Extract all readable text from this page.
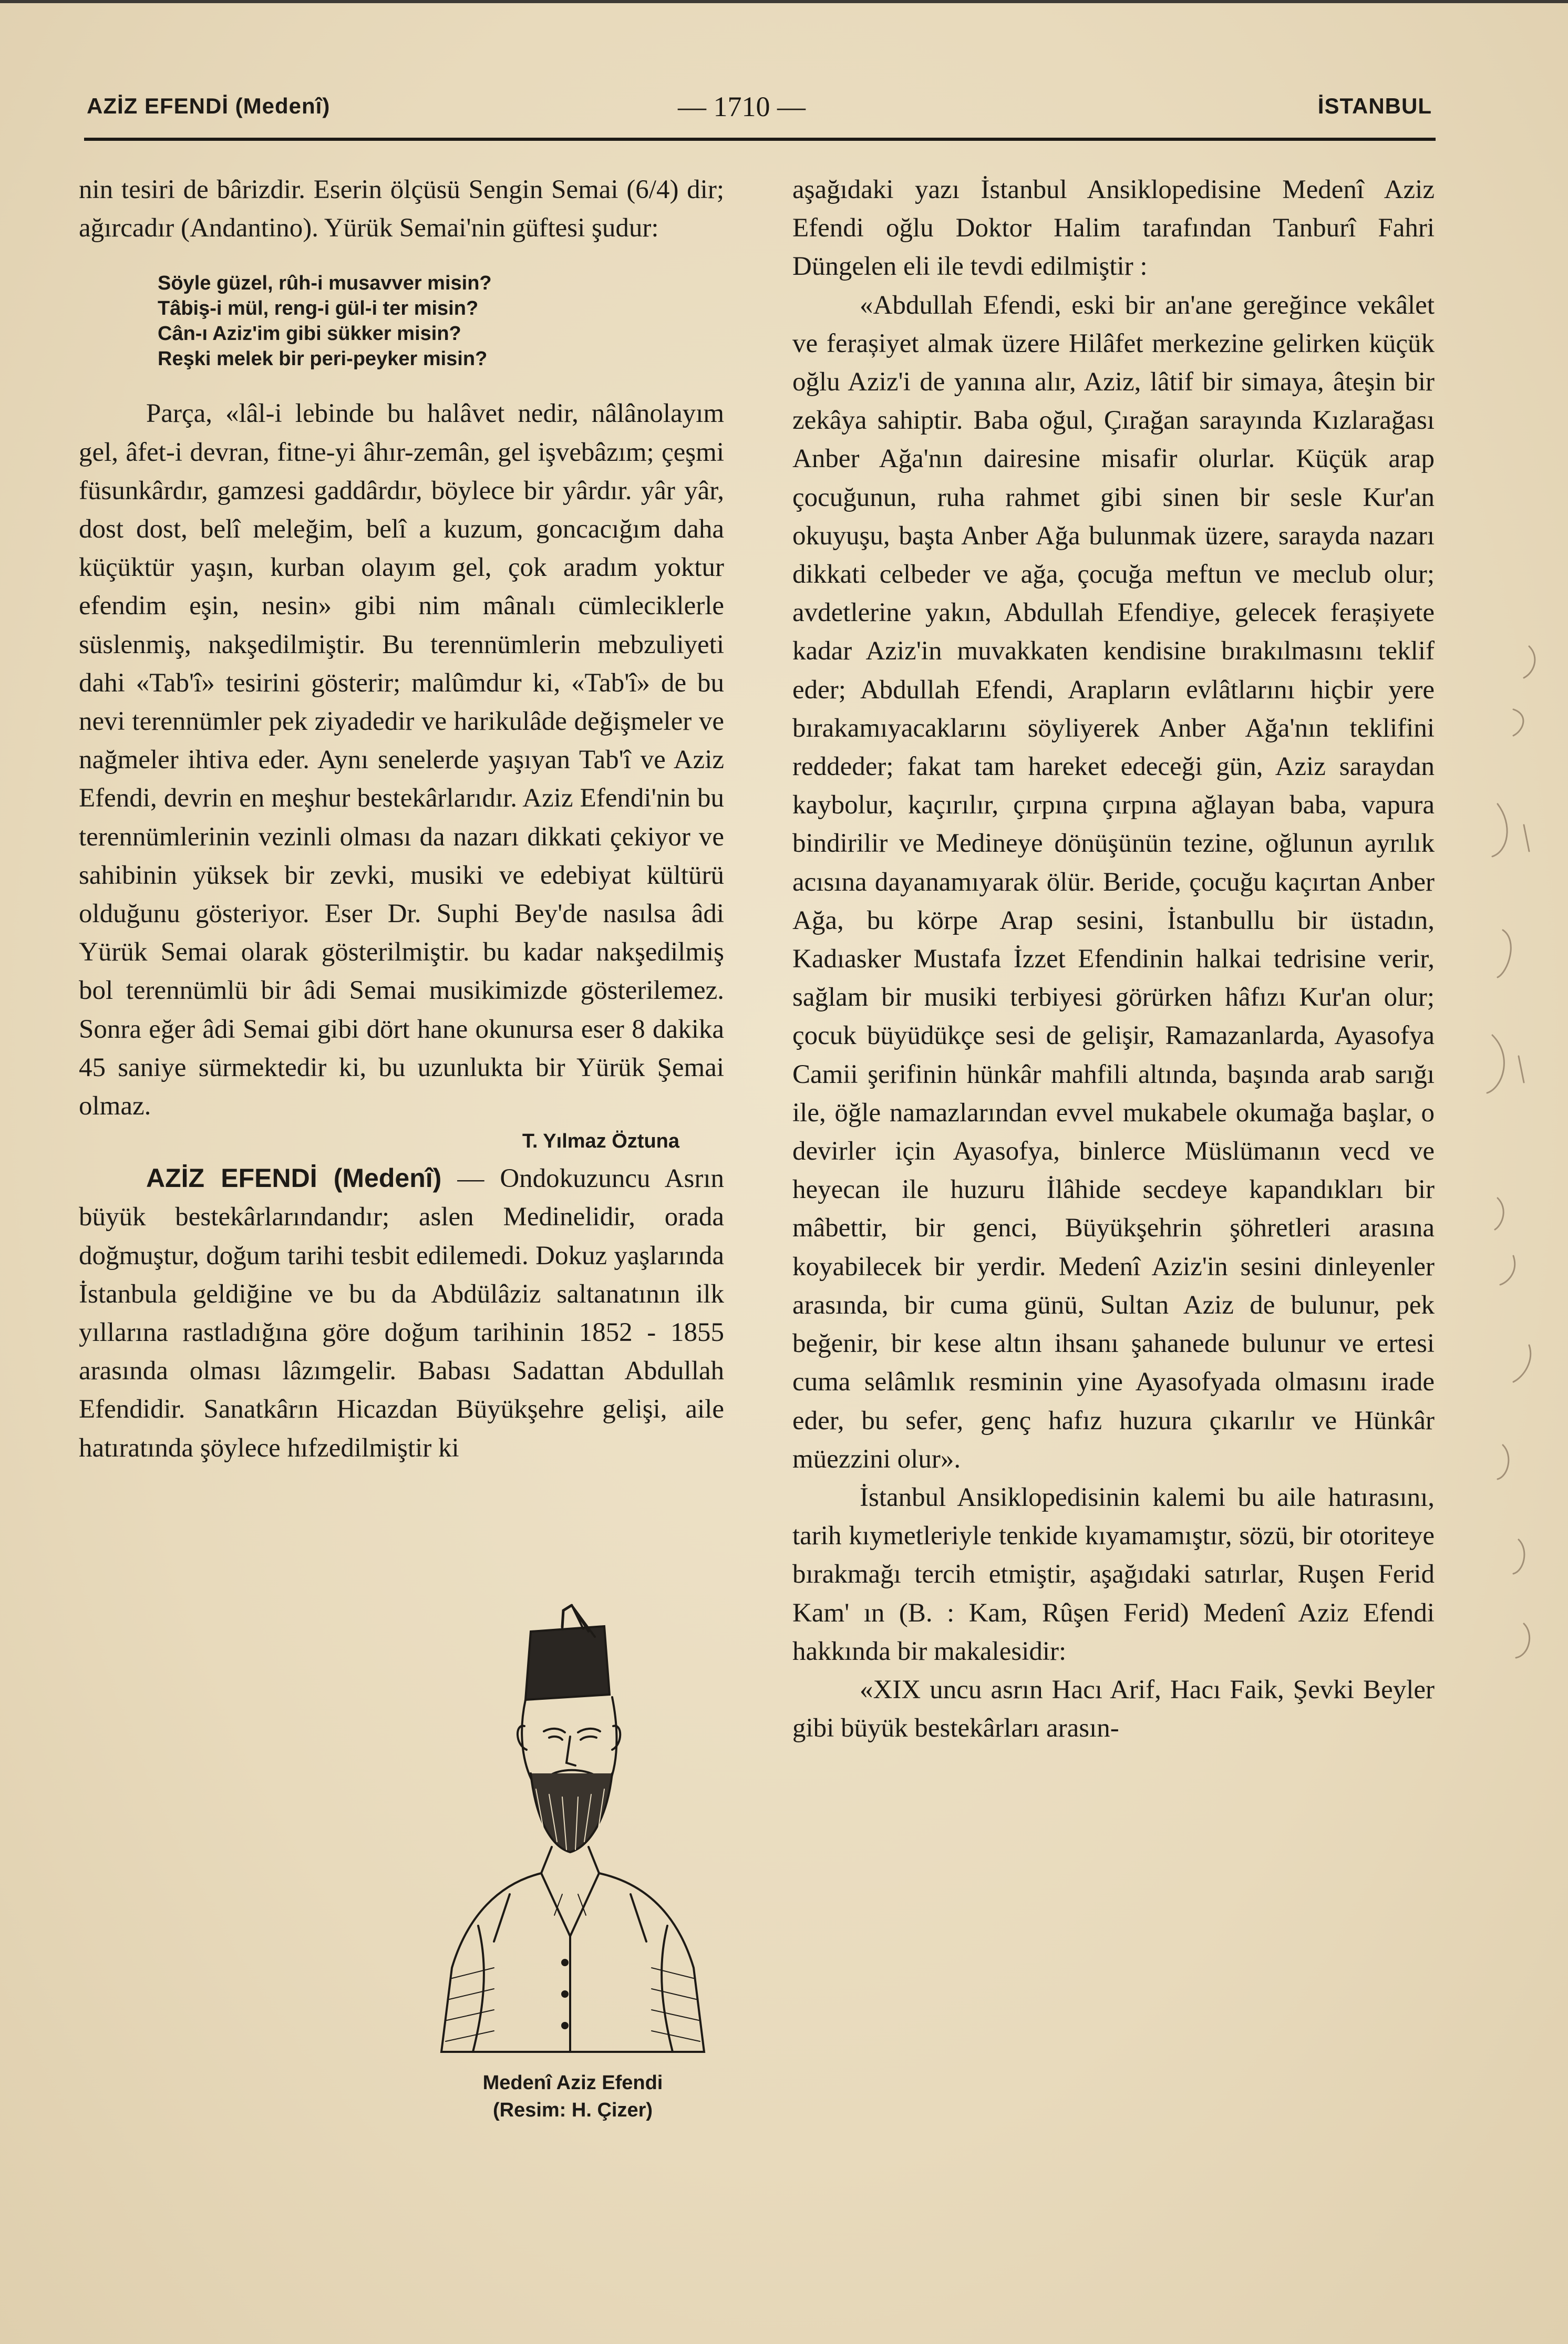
AZİZ EFENDİ (Medenî)	— 1710 —	İSTANBUL

nin tesiri de bârizdir. Eserin ölçüsü Sengin Semai (6/4) dir; ağırcadır (Andantino). Yürük Semai'nin güftesi şudur:

Söyle güzel, rûh-i musavver misin?
Tâbiş-i mül, reng-i gül-i ter misin?
Cân-ı Aziz'im gibi sükker misin?
Reşki melek bir peri-peyker misin?

Parça, «lâl-i lebinde bu halâvet nedir, nâlânolayım gel, âfet-i devran, fitne-yi âhır-zemân, gel işvebâzım; çeşmi füsunkârdır, gamzesi gaddârdır, böylece bir yârdır. yâr yâr, dost dost, belî meleğim, belî a kuzum, goncacığım daha küçüktür yaşın, kurban olayım gel, çok aradım yoktur efendim eşin, nesin» gibi nim mânalı cümleciklerle süslenmiş, nakşedilmiştir. Bu terennümlerin mebzuliyeti dahi «Tab'î» tesirini gösterir; malûmdur ki, «Tab'î» de bu nevi terennümler pek ziyadedir ve harikulâde değişmeler ve nağmeler ihtiva eder. Aynı senelerde yaşıyan Tab'î ve Aziz Efendi, devrin en meşhur bestekârlarıdır. Aziz Efendi'nin bu terennümlerinin vezinli olması da nazarı dikkati çekiyor ve sahibinin yüksek bir zevki, musiki ve edebiyat kültürü olduğunu gösteriyor. Eser Dr. Suphi Bey'de nasılsa âdi Yürük Semai olarak gösterilmiştir. bu kadar nakşedilmiş bol terennümlü bir âdi Semai musikimizde gösterilemez. Sonra eğer âdi Semai gibi dört hane okunursa eser 8 dakika 45 saniye sürmektedir ki, bu uzunlukta bir Yürük Şemai olmaz.

T. Yılmaz Öztuna

AZİZ EFENDİ (Medenî) — Ondokuzuncu Asrın büyük bestekârlarındandır; aslen Medinelidir, orada doğmuştur, doğum tarihi tesbit edilemedi. Dokuz yaşlarında İstanbula geldiğine ve bu da Abdülâziz saltanatının ilk yıllarına rastladığına göre doğum tarihinin 1852 - 1855 arasında olması lâzımgelir. Babası Sadattan Abdullah Efendidir. Sanatkârın Hicazdan Büyükşehre gelişi, aile hatıratında şöylece hıfzedilmiştir ki

Medenî Aziz Efendi
(Resim: H. Çizer)

aşağıdaki yazı İstanbul Ansiklopedisine Medenî Aziz Efendi oğlu Doktor Halim tarafından Tanburî Fahri Düngelen eli ile tevdi edilmiştir :

«Abdullah Efendi, eski bir an'ane gereğince vekâlet ve ferașiyet almak üzere Hilâfet merkezine gelirken küçük oğlu Aziz'i de yanına alır, Aziz, lâtif bir simaya, âteşin bir zekâya sahiptir. Baba oğul, Çırağan sarayında Kızlarağası Anber Ağa'nın dairesine misafir olurlar. Küçük arap çocuğunun, ruha rahmet gibi sinen bir sesle Kur'an okuyuşu, başta Anber Ağa bulunmak üzere, sarayda nazarı dikkati celbeder ve ağa, çocuğa meftun ve meclub olur; avdetlerine yakın, Abdullah Efendiye, gelecek ferașiyete kadar Aziz'in muvakkaten kendisine bırakılmasını teklif eder; Abdullah Efendi, Arapların evlâtlarını hiçbir yere bırakamıyacaklarını söyliyerek Anber Ağa'nın teklifini reddeder; fakat tam hareket edeceği gün, Aziz saraydan kaybolur, kaçırılır, çırpına çırpına ağlayan baba, vapura bindirilir ve Medineye dönüşünün tezine, oğlunun ayrılık acısına dayanamıyarak ölür. Beride, çocuğu kaçırtan Anber Ağa, bu körpe Arap sesini, İstanbullu bir üstadın, Kadıasker Mustafa İzzet Efendinin halkai tedrisine verir, sağlam bir musiki terbiyesi görürken hâfızı Kur'an olur; çocuk büyüdükçe sesi de gelişir, Ramazanlarda, Ayasofya Camii şerifinin hünkâr mahfili altında, başında arab sarığı ile, öğle namazlarından evvel mukabele okumağa başlar, o devirler için Ayasofya, binlerce Müslümanın vecd ve heyecan ile huzuru İlâhide secdeye kapandıkları bir mâbettir, bir genci, Büyükşehrin şöhretleri arasına koyabilecek bir yerdir. Medenî Aziz'in sesini dinleyenler arasında, bir cuma günü, Sultan Aziz de bulunur, pek beğenir, bir kese altın ihsanı şahanede bulunur ve ertesi cuma selâmlık resminin yine Ayasofyada olmasını irade eder, bu sefer, genç hafız huzura çıkarılır ve Hünkâr müezzini olur».

İstanbul Ansiklopedisinin kalemi bu aile hatırasını, tarih kıymetleriyle tenkide kıyamamıştır, sözü, bir otoriteye bırakmağı tercih etmiştir, aşağıdaki satırlar, Ruşen Ferid Kam' ın (B. : Kam, Rûşen Ferid) Medenî Aziz Efendi hakkında bir makalesidir:

«XIX uncu asrın Hacı Arif, Hacı Faik, Şevki Beyler gibi büyük bestekârları arasın-
